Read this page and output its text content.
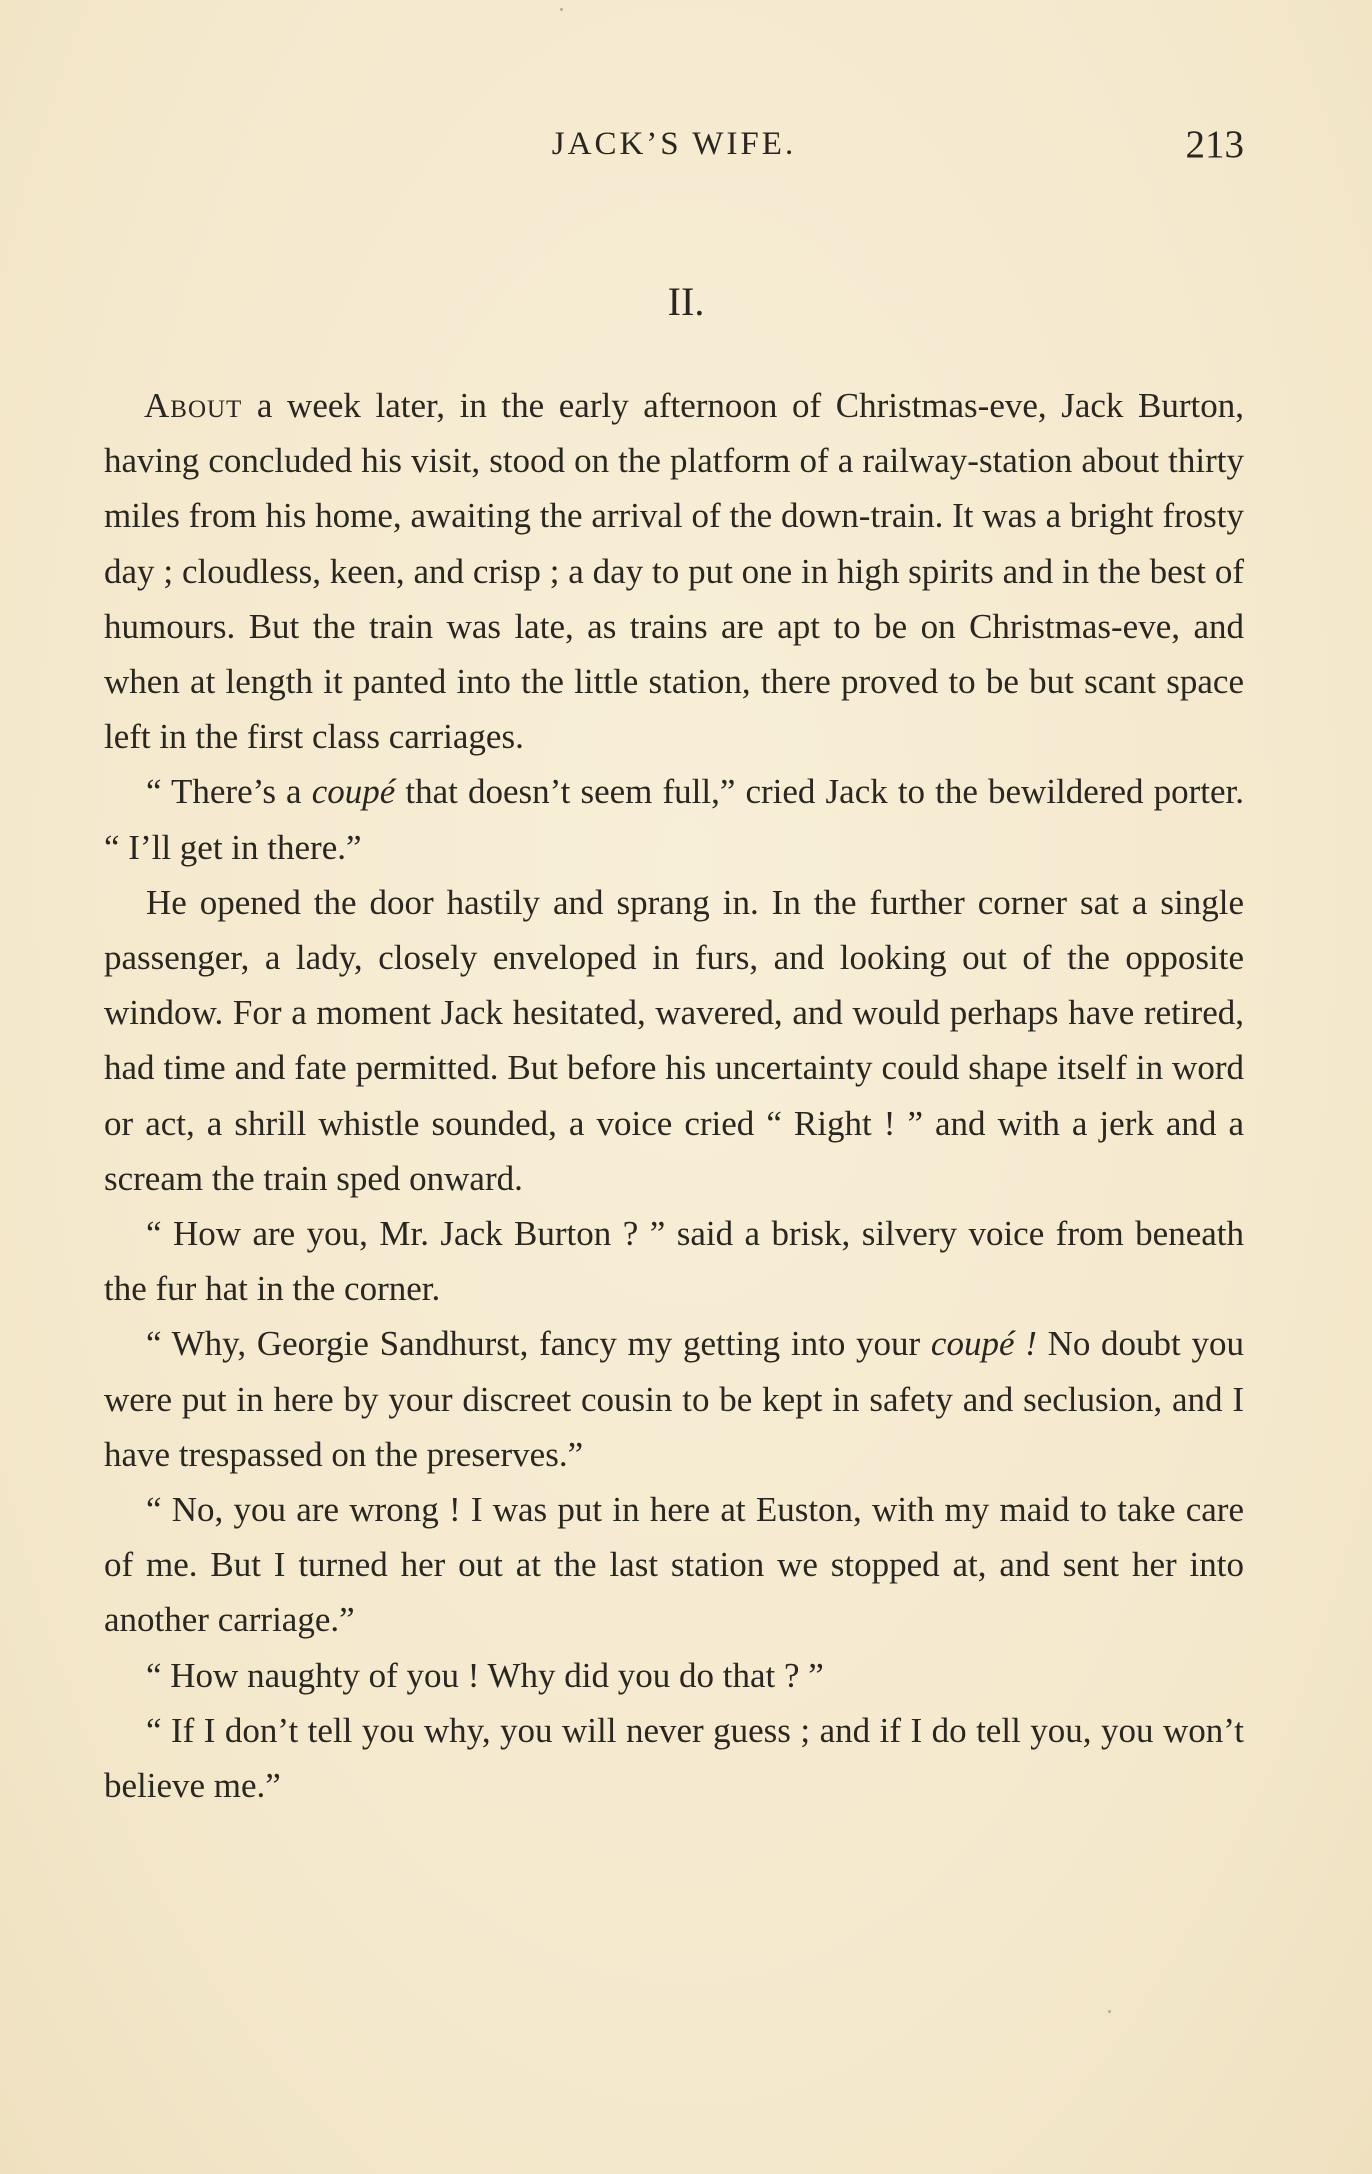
JACK’S WIFE.	213
II.

About a week later, in the early afternoon of Christmas-eve, Jack Burton, having concluded his visit, stood on the platform of a railway-station about thirty miles from his home, awaiting the arrival of the down-train. It was a bright frosty day ; cloudless, keen, and crisp ; a day to put one in high spirits and in the best of humours. But the train was late, as trains are apt to be on Christmas-eve, and when at length it panted into the little station, there proved to be but scant space left in the first class carriages.

“ There’s a coupé that doesn’t seem full,” cried Jack to the bewildered porter. “ I’ll get in there.”

He opened the door hastily and sprang in. In the further corner sat a single passenger, a lady, closely enveloped in furs, and looking out of the opposite window. For a moment Jack hesitated, wavered, and would perhaps have retired, had time and fate permitted. But before his uncertainty could shape itself in word or act, a shrill whistle sounded, a voice cried “ Right ! ” and with a jerk and a scream the train sped onward.

“ How are you, Mr. Jack Burton ? ” said a brisk, silvery voice from beneath the fur hat in the corner.

“ Why, Georgie Sandhurst, fancy my getting into your coupé ! No doubt you were put in here by your discreet cousin to be kept in safety and seclusion, and I have trespassed on the preserves.”

“ No, you are wrong ! I was put in here at Euston, with my maid to take care of me. But I turned her out at the last station we stopped at, and sent her into another carriage.”

“ How naughty of you ! Why did you do that ? ”

“ If I don’t tell you why, you will never guess ; and if I do tell you, you won’t believe me.”
